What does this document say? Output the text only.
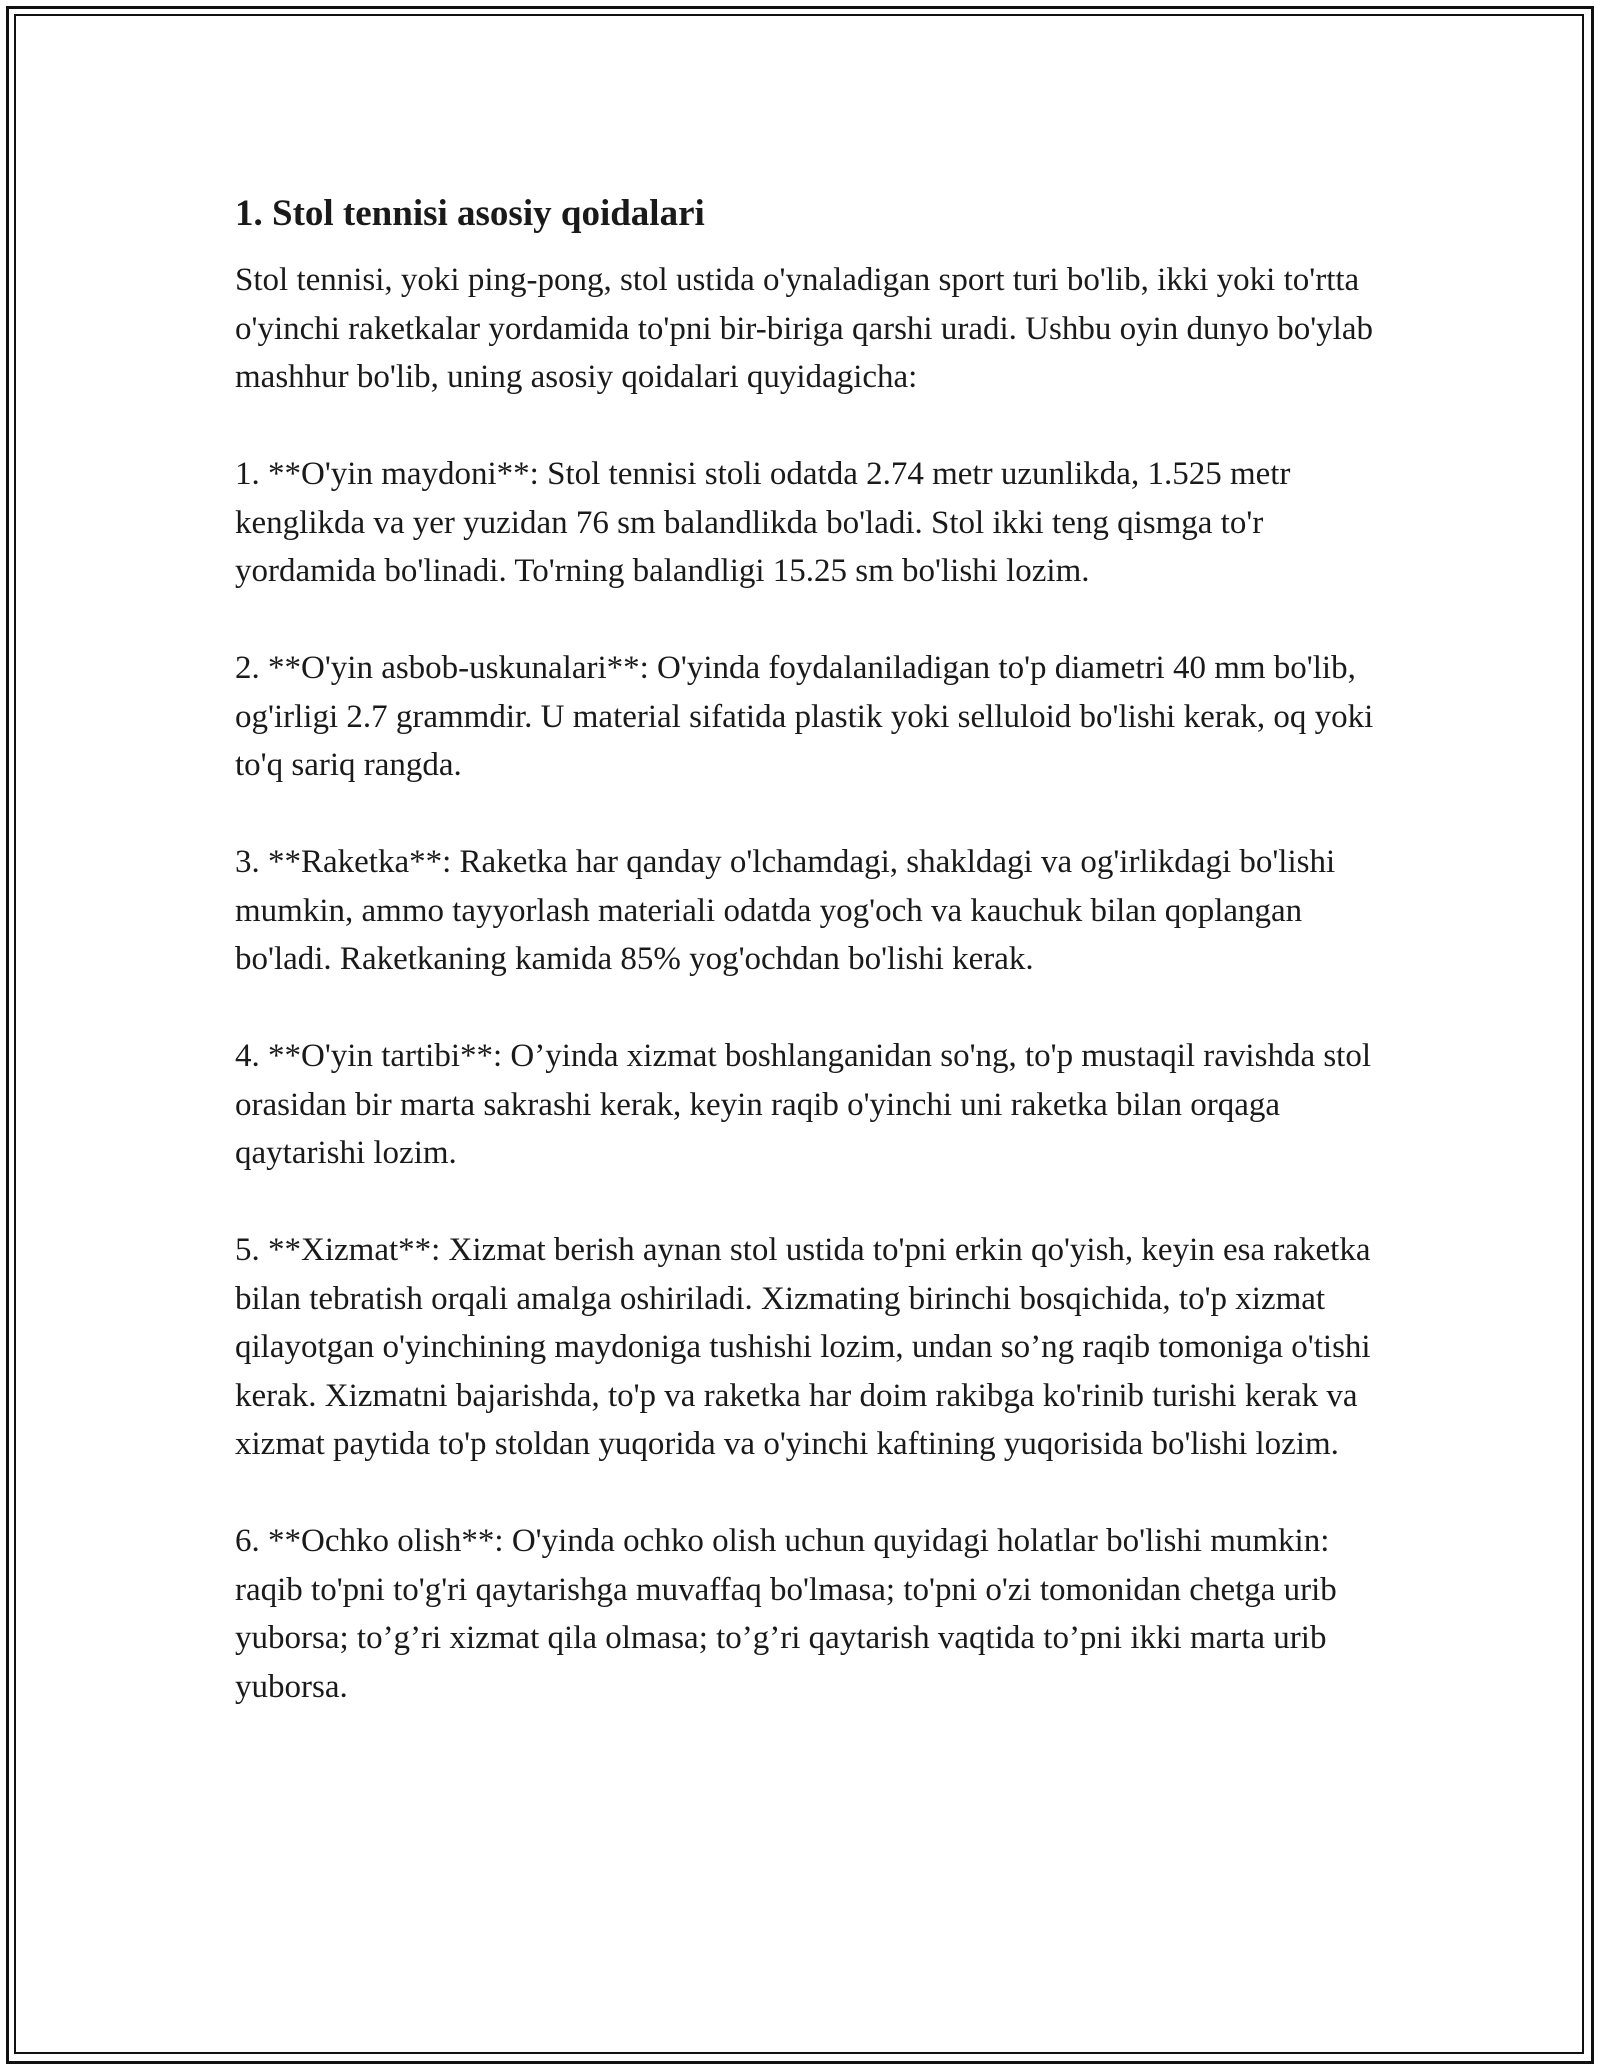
1. Stol tennisi asosiy qoidalari

Stol tennisi, yoki ping-pong, stol ustida o'ynaladigan sport turi bo'lib, ikki yoki to'rtta o'yinchi raketkalar yordamida to'pni bir-biriga qarshi uradi. Ushbu oyin dunyo bo'ylab mashhur bo'lib, uning asosiy qoidalari quyidagicha:

1. **O'yin maydoni**: Stol tennisi stoli odatda 2.74 metr uzunlikda, 1.525 metr kenglikda va yer yuzidan 76 sm balandlikda bo'ladi. Stol ikki teng qismga to'r yordamida bo'linadi. To'rning balandligi 15.25 sm bo'lishi lozim.

2. **O'yin asbob-uskunalari**: O'yinda foydalaniladigan to'p diametri 40 mm bo'lib, og'irligi 2.7 grammdir. U material sifatida plastik yoki selluloid bo'lishi kerak, oq yoki to'q sariq rangda.

3. **Raketka**: Raketka har qanday o'lchamdagi, shakldagi va og'irlikdagi bo'lishi mumkin, ammo tayyorlash materiali odatda yog'och va kauchuk bilan qoplangan bo'ladi. Raketkaning kamida 85% yog'ochdan bo'lishi kerak.

4. **O'yin tartibi**: O’yinda xizmat boshlanganidan so'ng, to'p mustaqil ravishda stol orasidan bir marta sakrashi kerak, keyin raqib o'yinchi uni raketka bilan orqaga qaytarishi lozim.

5. **Xizmat**: Xizmat berish aynan stol ustida to'pni erkin qo'yish, keyin esa raketka bilan tebratish orqali amalga oshiriladi. Xizmating birinchi bosqichida, to'p xizmat qilayotgan o'yinchining maydoniga tushishi lozim, undan so’ng raqib tomoniga o'tishi kerak. Xizmatni bajarishda, to'p va raketka har doim rakibga ko'rinib turishi kerak va xizmat paytida to'p stoldan yuqorida va o'yinchi kaftining yuqorisida bo'lishi lozim.

6. **Ochko olish**: O'yinda ochko olish uchun quyidagi holatlar bo'lishi mumkin: raqib to'pni to'g'ri qaytarishga muvaffaq bo'lmasa; to'pni o'zi tomonidan chetga urib yuborsa; to’g’ri xizmat qila olmasa; to’g’ri qaytarish vaqtida to’pni ikki marta urib yuborsa.
